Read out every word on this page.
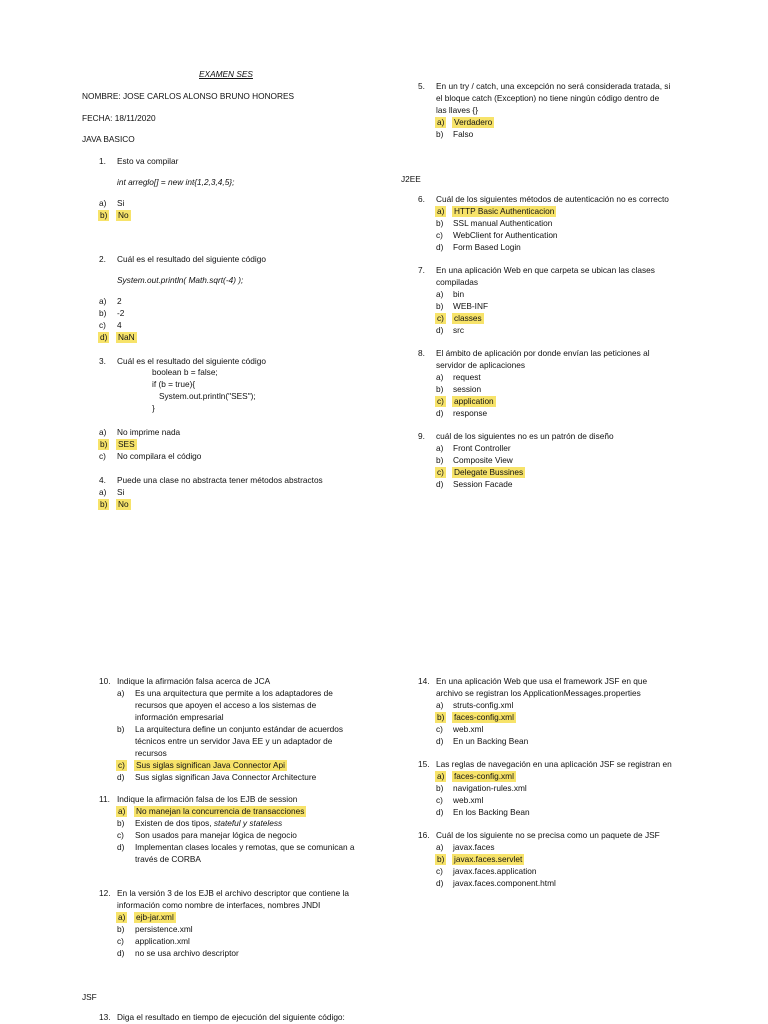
EXAMEN SES
NOMBRE: JOSE CARLOS ALONSO BRUNO HONORES
FECHA: 18/11/2020
JAVA BASICO
1. Esto va compilar
int arreglo[] = new int{1,2,3,4,5};
a) Si
b) No
2. Cuál es el resultado del siguiente código
System.out.println( Math.sqrt(-4) );
a) 2
b) -2
c) 4
d) NaN
3. Cuál es el resultado del siguiente código
boolean b = false;
if (b = true){
System.out.println("SES");
}
a) No imprime nada
b) SES
c) No compilara el código
4. Puede una clase no abstracta tener métodos abstractos
a) Si
b) No
5. En un try / catch, una excepción no será considerada tratada, si
el bloque catch (Exception) no tiene ningún código dentro de
las llaves {}
a) Verdadero
b) Falso
J2EE
6. Cuál de los siguientes métodos de autenticación no es correcto
a) HTTP Basic Authenticacion
b) SSL manual Authentication
c) WebClient for Authentication
d) Form Based Login
7. En una aplicación Web en que carpeta se ubican las clases
compiladas
a) bin
b) WEB-INF
c) classes
d) src
8. El ámbito de aplicación por donde envían las peticiones al
servidor de aplicaciones
a) request
b) session
c) application
d) response
9. cuál de los siguientes no es un patrón de diseño
a) Front Controller
b) Composite View
c) Delegate Bussines
d) Session Facade
10. Indique la afirmación falsa acerca de JCA
a) Es una arquitectura que permite a los adaptadores de
recursos que apoyen el acceso a los sistemas de
información empresarial
b) La arquitectura define un conjunto estándar de acuerdos
técnicos entre un servidor Java EE y un adaptador de
recursos
c) Sus siglas significan Java Connector Api
d) Sus siglas significan Java Connector Architecture
11. Indique la afirmación falsa de los EJB de session
a) No manejan la concurrencia de transacciones
b) Existen de dos tipos, stateful y stateless
c) Son usados para manejar lógica de negocio
d) Implementan clases locales y remotas, que se comunican a
través de CORBA
12. En la versión 3 de los EJB el archivo descriptor que contiene la
información como nombre de interfaces, nombres JNDI
a) ejb-jar.xml
b) persistence.xml
c) application.xml
d) no se usa archivo descriptor
JSF
13. Diga el resultado en tiempo de ejecución del siguiente código:
14. En una aplicación Web que usa el framework JSF en que
archivo se registran los ApplicationMessages.properties
a) struts-config.xml
b) faces-config.xml
c) web.xml
d) En un Backing Bean
15. Las reglas de navegación en una aplicación JSF se registran en
a) faces-config.xml
b) navigation-rules.xml
c) web.xml
d) En los Backing Bean
16. Cuál de los siguiente no se precisa como un paquete de JSF
a) javax.faces
b) javax.faces.servlet
c) javax.faces.application
d) javax.faces.component.html
